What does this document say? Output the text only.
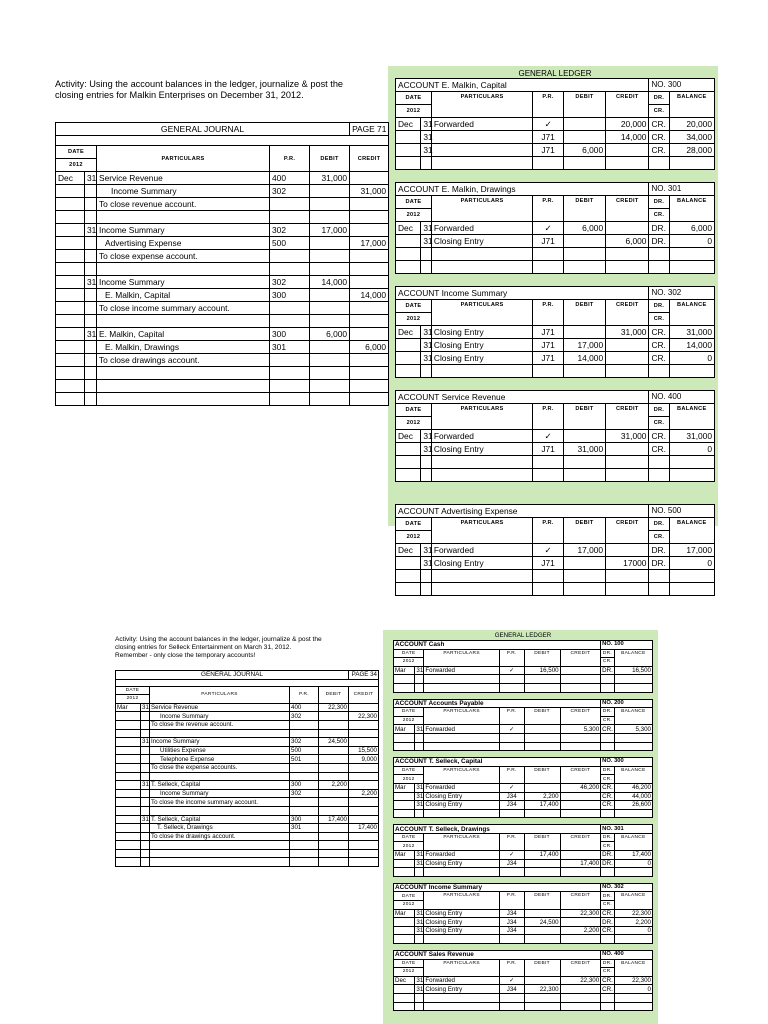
Activity: Using the account balances in the ledger, journalize & post the
closing entries for Malkin Enterprises on December 31, 2012.
GENERAL JOURNAL					PAGE 71

DATE		PARTICULARS	P.R.	DEBIT	CREDIT
2012					
Dec	31	Service Revenue	400	31,000	
		Income Summary	302		31,000
		To close revenue account.			

	31	Income Summary	302	17,000	
		Advertising Expense	500		17,000
		To close expense account.			

	31	Income Summary	302	14,000	
		E. Malkin, Capital	300		14,000
		To close income summary account.			

	31	E. Malkin, Capital	300	6,000	
		E. Malkin, Drawings	301		6,000
		To close drawings account.			

GENERAL LEDGER
ACCOUNT E. Malkin, Capital						NO. 300	
DATE		PARTICULARS	P.R.	DEBIT	CREDIT	DR.	BALANCE
2012						CR.	
Dec	31	Forwarded	✓		20,000	CR.	20,000
	31		J71		14,000	CR.	34,000
	31		J71	6,000		CR.	28,000

ACCOUNT E. Malkin, Drawings						NO. 301	
DATE		PARTICULARS	P.R.	DEBIT	CREDIT	DR.	BALANCE
2012						CR.	
Dec	31	Forwarded	✓	6,000		DR.	6,000
	31	Closing Entry	J71		6,000	DR.	0

ACCOUNT Income Summary						NO. 302	
DATE		PARTICULARS	P.R.	DEBIT	CREDIT	DR.	BALANCE
2012						CR.	
Dec	31	Closing Entry	J71		31,000	CR.	31,000
	31	Closing Entry	J71	17,000		CR.	14,000
	31	Closing Entry	J71	14,000		CR.	0

ACCOUNT Service Revenue						NO. 400	
DATE		PARTICULARS	P.R.	DEBIT	CREDIT	DR.	BALANCE
2012						CR.	
Dec	31	Forwarded	✓		31,000	CR.	31,000
	31	Closing Entry	J71	31,000		CR.	0

ACCOUNT Advertising Expense						NO. 500	
DATE		PARTICULARS	P.R.	DEBIT	CREDIT	DR.	BALANCE
2012						CR.	
Dec	31	Forwarded	✓	17,000		DR.	17,000
	31	Closing Entry	J71		17000	DR.	0

Activity: Using the account balances in the ledger, journalize & post the
closing entries for Selleck Entertainment on March 31, 2012.
Remember - only close the temporary accounts!
GENERAL JOURNAL					PAGE 34

DATE		PARTICULARS	P.R.	DEBIT	CREDIT
2012					
Mar	31	Service Revenue	400	22,300	
		Income Summary	302		22,300
		To close the revenue account.			

	31	Income Summary	302	24,500	
		Utilities Expense	500		15,500
		Telephone Expense	501		9,000
		To close the expense accounts.			

	31	T. Selleck, Capital	300	2,200	
		Income Summary	302		2,200
		To close the income summary account.			

	31	T. Selleck, Capital	300	17,400	
		T. Selleck, Drawings	301		17,400
		To close the drawings account.			

GENERAL LEDGER
ACCOUNT Cash						NO. 100	
DATE		PARTICULARS	P.R.	DEBIT	CREDIT	DR.	BALANCE
2012						CR.	
Mar	31	Forwarded	✓	16,500		DR.	16,500

ACCOUNT Accounts Payable						NO. 200	
DATE		PARTICULARS	P.R.	DEBIT	CREDIT	DR.	BALANCE
2012						CR.	
Mar	31	Forwarded	✓		5,300	CR.	5,300

ACCOUNT T. Selleck, Capital						NO. 300	
DATE		PARTICULARS	P.R.	DEBIT	CREDIT	DR.	BALANCE
2012						CR.	
Mar	31	Forwarded	✓		46,200	CR.	46,200
	31	Closing Entry	J34	2,200		CR.	44,000
	31	Closing Entry	J34	17,400		CR.	26,600

ACCOUNT T. Selleck, Drawings						NO. 301	
DATE		PARTICULARS	P.R.	DEBIT	CREDIT	DR.	BALANCE
2012						CR.	
Mar	31	Forwarded	✓	17,400		DR.	17,400
	31	Closing Entry	J34		17,400	DR.	0

ACCOUNT Income Summary						NO. 302	
DATE		PARTICULARS	P.R.	DEBIT	CREDIT	DR.	BALANCE
2012						CR.	
Mar	31	Closing Entry	J34		22,300	CR.	22,300
	31	Closing Entry	J34	24,500		DR.	2,200
	31	Closing Entry	J34		2,200	CR.	0

ACCOUNT Sales Revenue						NO. 400	
DATE		PARTICULARS	P.R.	DEBIT	CREDIT	DR.	BALANCE
2012						CR.	
Dec	31	Forwarded	✓		22,300	CR.	22,300
	31	Closing Entry	J34	22,300		CR.	0
